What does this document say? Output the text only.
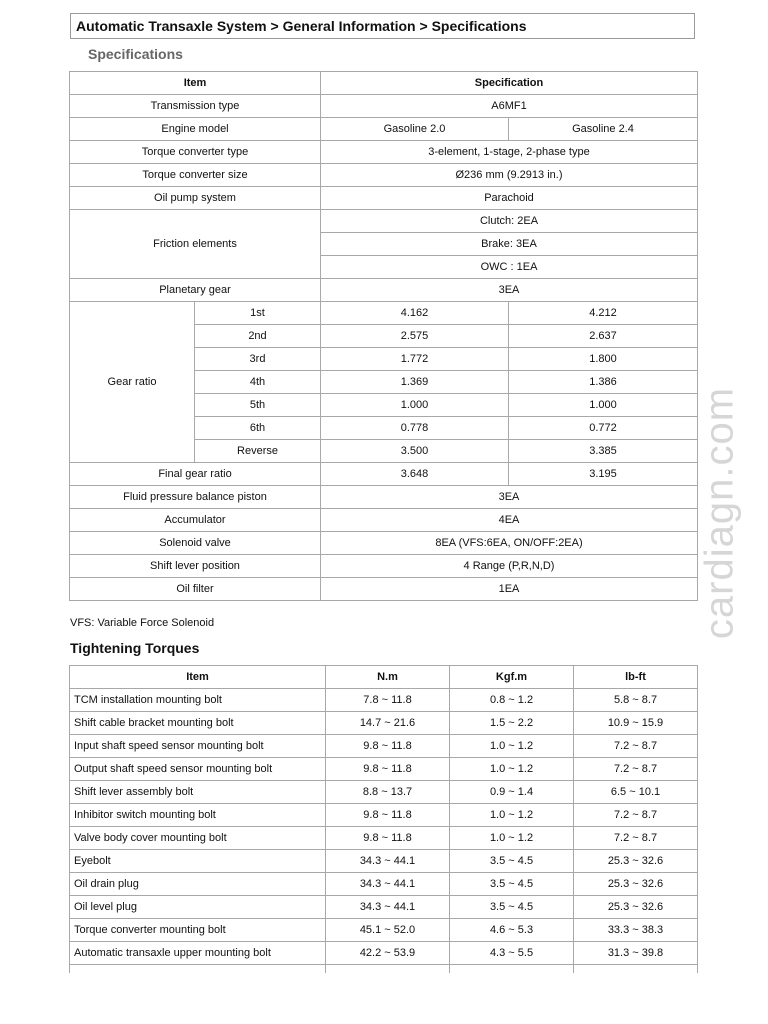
Automatic Transaxle System > General Information > Specifications
Specifications
Item		Specification	
Transmission type		A6MF1	
Engine model		Gasoline 2.0	Gasoline 2.4
Torque converter type		3-element, 1-stage, 2-phase type	
Torque converter size		Ø236 mm (9.2913 in.)	
Oil pump system		Parachoid	
Friction elements		Clutch: 2EA	
		Brake: 3EA	
		OWC : 1EA	
Planetary gear		3EA	
Gear ratio	1st	4.162	4.212
	2nd	2.575	2.637
	3rd	1.772	1.800
	4th	1.369	1.386
	5th	1.000	1.000
	6th	0.778	0.772
	Reverse	3.500	3.385
Final gear ratio		3.648	3.195
Fluid pressure balance piston		3EA	
Accumulator		4EA	
Solenoid valve		8EA (VFS:6EA, ON/OFF:2EA)	
Shift lever position		4 Range (P,R,N,D)	
Oil filter		1EA	
VFS: Variable Force Solenoid
Tightening Torques
Item	N.m	Kgf.m	lb-ft
TCM installation mounting bolt	7.8 ~ 11.8	0.8 ~ 1.2	5.8 ~ 8.7
Shift cable bracket mounting bolt	14.7 ~ 21.6	1.5 ~ 2.2	10.9 ~ 15.9
Input shaft speed sensor mounting bolt	9.8 ~ 11.8	1.0 ~ 1.2	7.2 ~ 8.7
Output shaft speed sensor mounting bolt	9.8 ~ 11.8	1.0 ~ 1.2	7.2 ~ 8.7
Shift lever assembly bolt	8.8 ~ 13.7	0.9 ~ 1.4	6.5 ~ 10.1
Inhibitor switch mounting bolt	9.8 ~ 11.8	1.0 ~ 1.2	7.2 ~ 8.7
Valve body cover mounting bolt	9.8 ~ 11.8	1.0 ~ 1.2	7.2 ~ 8.7
Eyebolt	34.3 ~ 44.1	3.5 ~ 4.5	25.3 ~ 32.6
Oil drain plug	34.3 ~ 44.1	3.5 ~ 4.5	25.3 ~ 32.6
Oil level plug	34.3 ~ 44.1	3.5 ~ 4.5	25.3 ~ 32.6
Torque converter mounting bolt	45.1 ~ 52.0	4.6 ~ 5.3	33.3 ~ 38.3
Automatic transaxle upper mounting bolt	42.2 ~ 53.9	4.3 ~ 5.5	31.3 ~ 39.8

cardiagn.com
